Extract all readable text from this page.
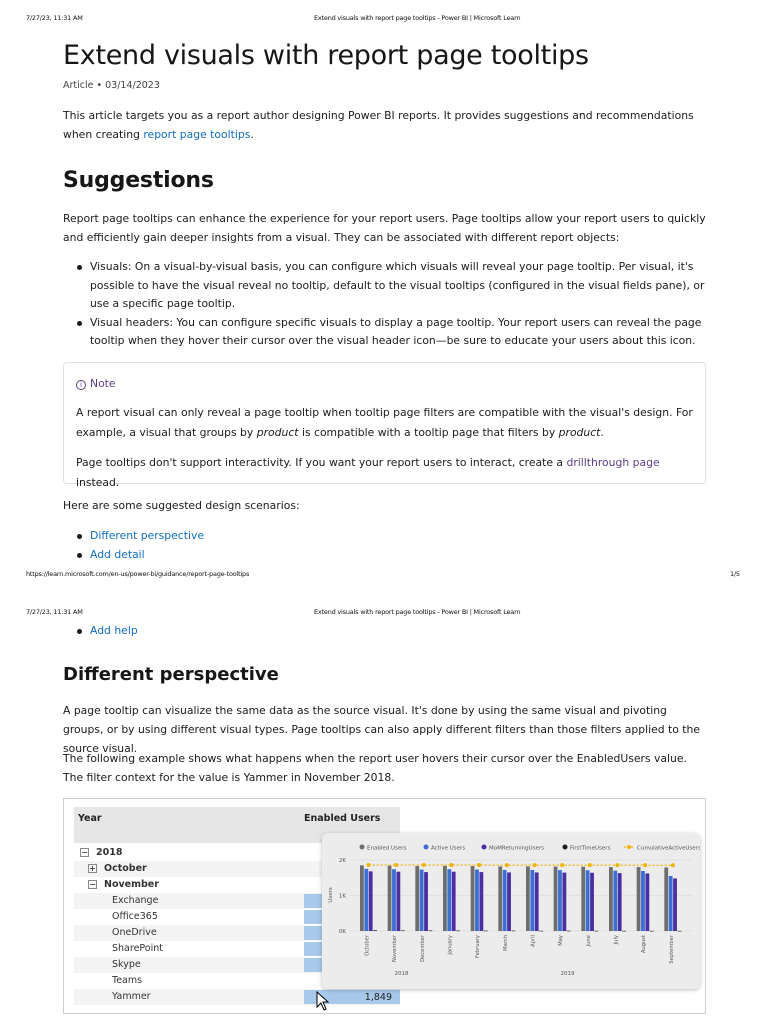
7/27/23, 11:31 AM	Extend visuals with report page tooltips - Power BI | Microsoft Learn
Extend visuals with report page tooltips
Article • 03/14/2023

This article targets you as a report author designing Power BI reports. It provides suggestions and recommendations when creating report page tooltips.

Suggestions

Report page tooltips can enhance the experience for your report users. Page tooltips allow your report users to quickly and efficiently gain deeper insights from a visual. They can be associated with different report objects:

Visuals: On a visual-by-visual basis, you can configure which visuals will reveal your page tooltip. Per visual, it's possible to have the visual reveal no tooltip, default to the visual tooltips (configured in the visual fields pane), or use a specific page tooltip.
Visual headers: You can configure specific visuals to display a page tooltip. Your report users can reveal the page tooltip when they hover their cursor over the visual header icon—be sure to educate your users about this icon.
i Note

A report visual can only reveal a page tooltip when tooltip page filters are compatible with the visual's design. For example, a visual that groups by product is compatible with a tooltip page that filters by product.

Page tooltips don't support interactivity. If you want your report users to interact, create a drillthrough page instead.

Here are some suggested design scenarios:

Different perspective
Add detail
https://learn.microsoft.com/en-us/power-bi/guidance/report-page-tooltips	1/5
7/27/23, 11:31 AM	Extend visuals with report page tooltips - Power BI | Microsoft Learn
Add help
Different perspective

A page tooltip can visualize the same data as the source visual. It's done by using the same visual and pivoting groups, or by using different visual types. Page tooltips can also apply different filters than those filters applied to the source visual.

The following example shows what happens when the report user hovers their cursor over the EnabledUsers value. The filter context for the value is Yammer in November 2018.

Year	Enabled Users
− 2018
+ October
− November
Exchange
Office365
OneDrive
SharePoint
Skype
Teams
Yammer	1,849
Enabled Users	Active Users	MoMReturningUsers	FirstTimeUsers	CumulativeActiveUsers
0K
1K
2K
Users
October	November	December	January	February	March	April	May	June	July	August	September
2018	2019
